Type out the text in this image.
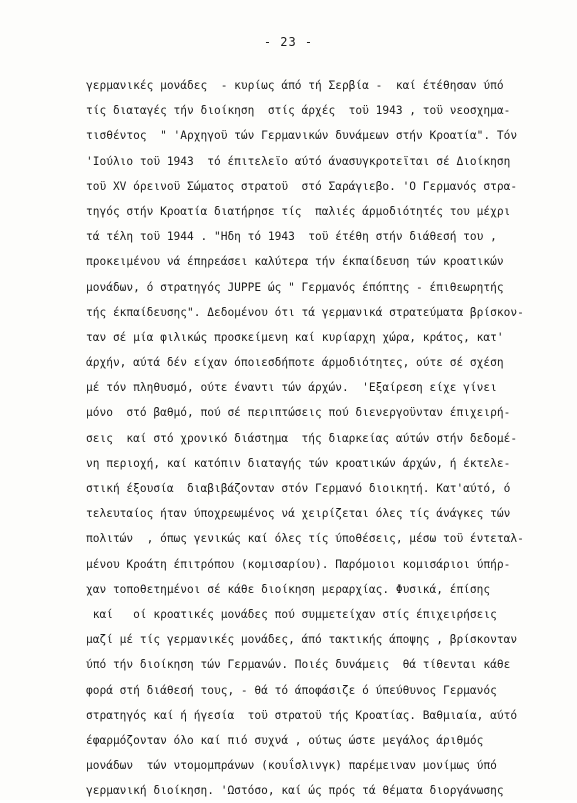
- 23 -
γερμανικές μονάδες  - κυρίως άπό τή Σερβία -  καί έτέθησαν ύπό
τίς διαταγές τήν διοίκηση  στίς άρχές  τοϋ 1943 , τοϋ νεοσχημα-
τισθέντος  " 'Αρχηγοϋ τών Γερμανικών δυνάμεων στήν Κροατία". Τόν
'Ιούλιο τοϋ 1943  τό έπιτελεϊο αύτό άνασυγκροτεϊται σέ Διοίκηση
τοϋ XV όρεινοϋ Σώματος στρατοϋ  στό Σαράγιεβο. 'Ο Γερμανός στρα-
τηγός στήν Κροατία διατήρησε τίς  παλιές άρμοδιότητές του μέχρι
τά τέλη τοϋ 1944 . "Ηδη τό 1943  τοϋ έτέθη στήν διάθεσή του ,
προκειμένου νά έπηρεάσει καλύτερα τήν έκπαίδευση τών κροατικών
μονάδων, ό στρατηγός JUPPE ώς " Γερμανός έπόπτης - έπιθεωρητής
τής έκπαίδευσης". Δεδομένου ότι τά γερμανικά στρατεύματα βρίσκον-
ταν σέ μία φιλικώς προσκείμενη καί κυρίαρχη χώρα, κράτος, κατ'
άρχήν, αύτά δέν είχαν όποιεσδήποτε άρμοδιότητες, ούτε σέ σχέση
μέ τόν πληθυσμό, ούτε έναντι τών άρχών.  'Εξαίρεση είχε γίνει
μόνο  στό βαθμό, πού σέ περιπτώσεις πού διενεργοϋνταν έπιχειρή-
σεις  καί στό χρονικό διάστημα  τής διαρκείας αύτών στήν δεδομέ-
νη περιοχή, καί κατόπιν διαταγής τών κροατικών άρχών, ή έκτελε-
στική έξουσία  διαβιβάζονταν στόν Γερμανό διοικητή. Κατ'αύτό, ό
τελευταίος ήταν ύποχρεωμένος νά χειρίζεται όλες τίς άνάγκες τών
πολιτών  , όπως γενικώς καί όλες τίς ύποθέσεις, μέσω τοϋ έντεταλ-
μένου Κροάτη έπιτρόπου (κομισαρίου). Παρόμοιοι κομισάριοι ύπήρ-
χαν τοποθετημένοι σέ κάθε διοίκηση μεραρχίας. Φυσικά, έπίσης
καί   οί κροατικές μονάδες πού συμμετείχαν στίς έπιχειρήσεις
μαζί μέ τίς γερμανικές μονάδες, άπό τακτικής άποψης , βρίσκονταν
ύπό τήν διοίκηση τών Γερμανών. Ποιές δυνάμεις  θά τίθενται κάθε
φορά στή διάθεσή τους, - θά τό άποφάσιζε ό ύπεύθυνος Γερμανός
στρατηγός καί ή ήγεσία  τοϋ στρατοϋ τής Κροατίας. Βαθμιαία, αύτό
έφαρμόζονταν όλο καί πιό συχνά , ούτως ώστε μεγάλος άριθμός
μονάδων  τών ντομομπράνων (κουΐσλινγκ) παρέμειναν μονίμως ύπό
γερμανική διοίκηση. 'Ωστόσο, καί ώς πρός τά θέματα διοργάνωσης
